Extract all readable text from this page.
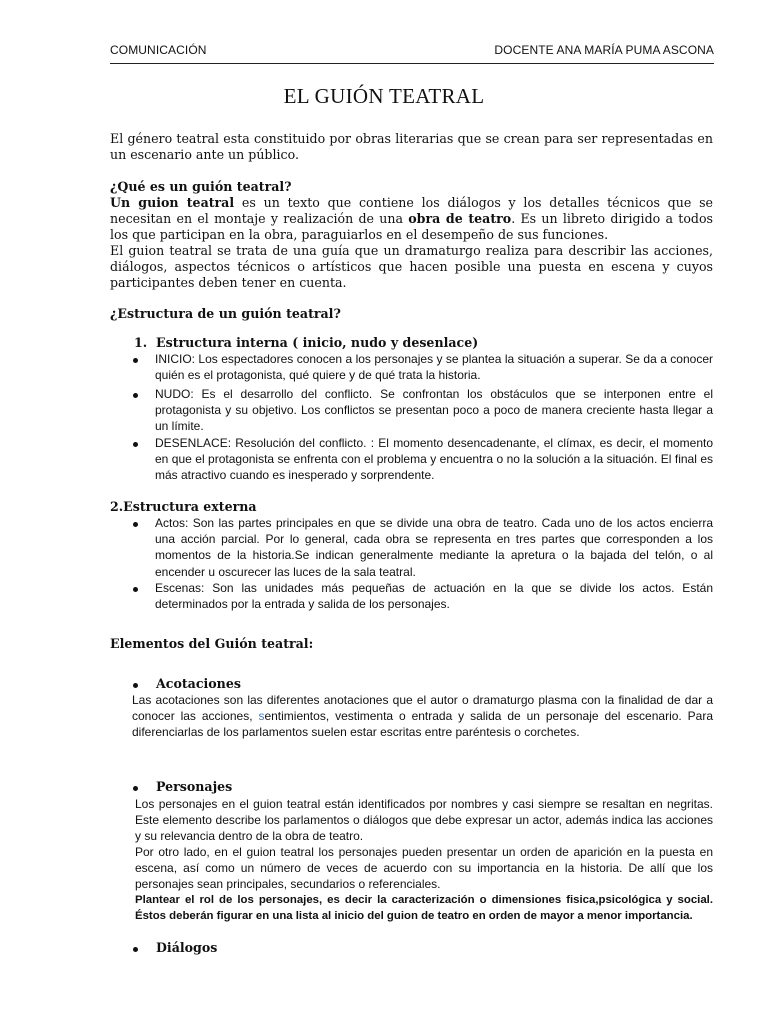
COMUNICACIÓN	DOCENTE ANA MARÍA PUMA ASCONA
EL GUIÓN TEATRAL
El género teatral esta constituido por obras literarias que se crean para ser representadas en un escenario ante un público.
¿Qué es un guión teatral?
Un guion teatral es un texto que contiene los diálogos y los detalles técnicos que se necesitan en el montaje y realización de una obra de teatro. Es un libreto dirigido a todos los que participan en la obra, paraguiarlos en el desempeño de sus funciones.
El guion teatral se trata de una guía que un dramaturgo realiza para describir las acciones, diálogos, aspectos técnicos o artísticos que hacen posible una puesta en escena y cuyos participantes deben tener en cuenta.
¿Estructura de un guión teatral?
1. Estructura interna ( inicio, nudo y desenlace)
INICIO: Los espectadores conocen a los personajes y se plantea la situación a superar. Se da a conocer quién es el protagonista, qué quiere y de qué trata la historia.
NUDO: Es el desarrollo del conflicto. Se confrontan los obstáculos que se interponen entre el protagonista y su objetivo. Los conflictos se presentan poco a poco de manera creciente hasta llegar a un límite.
DESENLACE: Resolución del conflicto. : El momento desencadenante, el clímax, es decir, el momento en que el protagonista se enfrenta con el problema y encuentra o no la solución a la situación. El final es más atractivo cuando es inesperado y sorprendente.
2.Estructura externa
Actos: Son las partes principales en que se divide una obra de teatro. Cada uno de los actos encierra una acción parcial. Por lo general, cada obra se representa en tres partes que corresponden a los momentos de la historia.Se indican generalmente mediante la apretura o la bajada del telón, o al encender u oscurecer las luces de la sala teatral.
Escenas: Son las unidades más pequeñas de actuación en la que se divide los actos. Están determinados por la entrada y salida de los personajes.
Elementos del Guión teatral:
Acotaciones
Las acotaciones son las diferentes anotaciones que el autor o dramaturgo plasma con la finalidad de dar a conocer las acciones, sentimientos, vestimenta o entrada y salida de un personaje del escenario. Para diferenciarlas de los parlamentos suelen estar escritas entre paréntesis o corchetes.
Personajes
Los personajes en el guion teatral están identificados por nombres y casi siempre se resaltan en negritas. Este elemento describe los parlamentos o diálogos que debe expresar un actor, además indica las acciones y su relevancia dentro de la obra de teatro.
Por otro lado, en el guion teatral los personajes pueden presentar un orden de aparición en la puesta en escena, así como un número de veces de acuerdo con su importancia en la historia. De allí que los personajes sean principales, secundarios o referenciales.
Plantear el rol de los personajes, es decir la caracterización o dimensiones fisica,psicológica y social. Éstos deberán figurar en una lista al inicio del guion de teatro en orden de mayor a menor importancia.
Diálogos
